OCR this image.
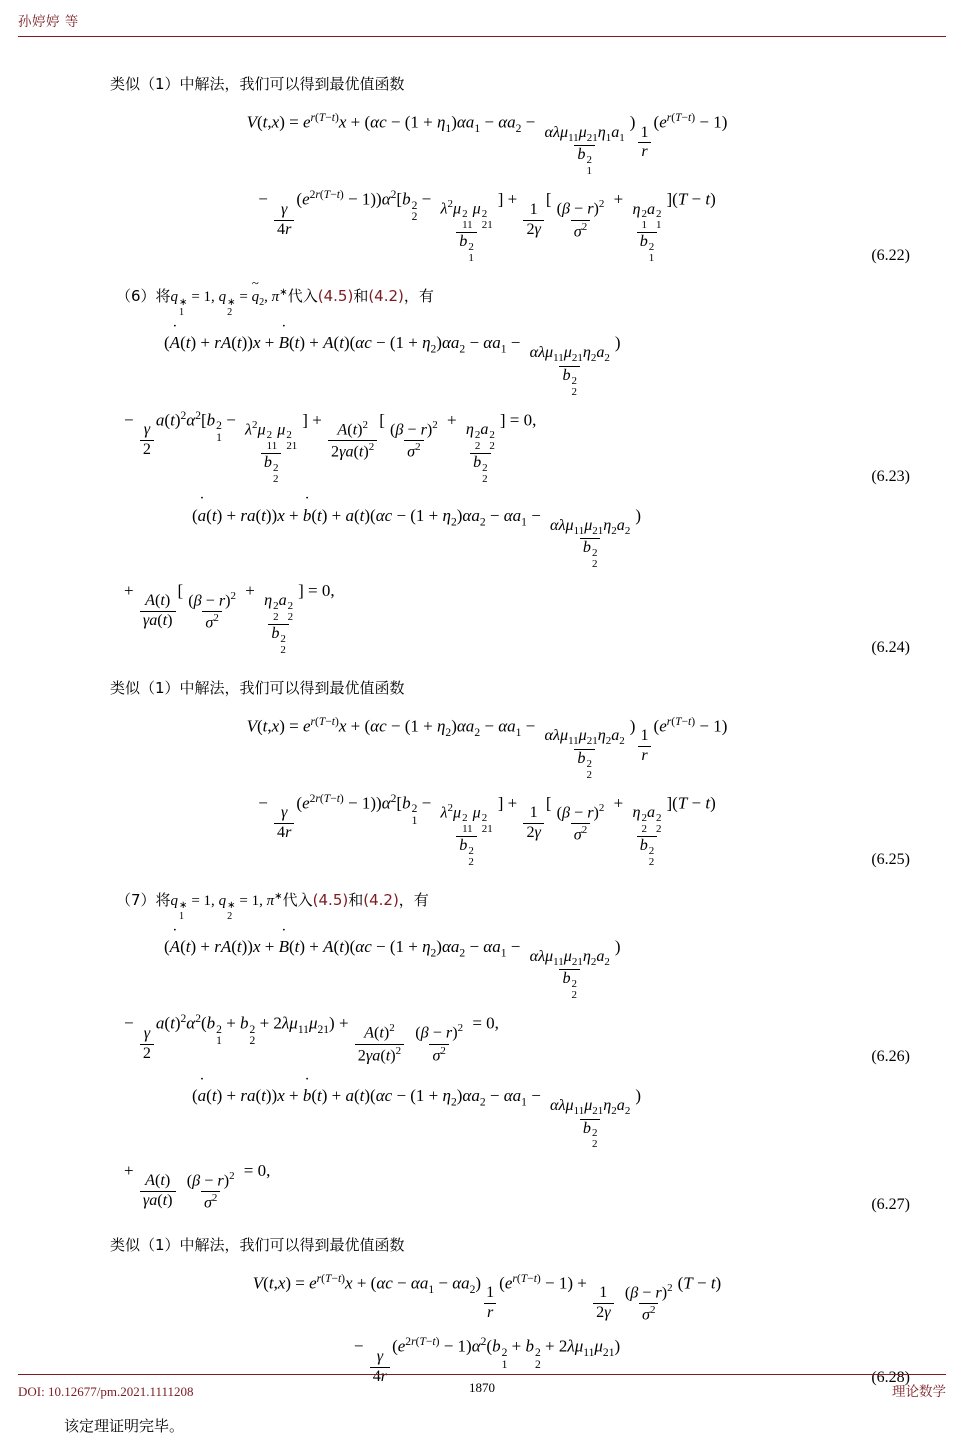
孙婷婷 等
类似（1）中解法，我们可以得到最优值函数
$V(t,x) = e^{r(T-t)}x + (\alpha c - (1 + \eta_1)\alpha a_1 - \alpha a_2$ −
$\alpha\lambda\mu_{11}\mu_{21}\eta_1a_1$
b 2
1
)
$\frac{1}{r}$
$(e^{r(T-t)} - 1)$
−
$\frac{\gamma}{4r}$
$(e^{2r(T-t)} - 1))\alpha^2[b$ 2
2
− $\lambda^2\mu$ 2
11
μ 2
21
b 2
1 ] +
$\frac{1}{2\gamma}$
[ $\frac{(\beta - r)^2}{\sigma^2}$ +
η 2
1
a 2
1
b 2
1
](T − t)
(6.22)
（6）将q ∗
1
= 1, q ∗
2
= ~ $q_2$, π∗代入(4.5)和(4.2)，有
(˙ A(t) + rA(t))x + ˙ $B(t) + A(t)(\alpha c - (1 + \eta_2)\alpha a_2 - \alpha a_1$ −
$\alpha\lambda\mu_{11}\mu_{21}\eta_2a_2$
b 2
2
)
−
$\frac{\gamma}{2}$
$a(t)^2\alpha^2[b$ 2
1
− $\lambda^2\mu$ 2
11
μ 2
21
b 2
2 ] + $\frac{A(t)^2}{2\gamma a(t)^2}$ [ $\frac{(\beta - r)^2}{\sigma^2}$ +
η 2
2
a 2
2
b 2
2
] = 0,
(6.23)
(˙ a(t) + ra(t))x + ˙ $b(t) + a(t)(\alpha c - (1 + \eta_2)\alpha a_2 - \alpha a_1$ −
$\alpha\lambda\mu_{11}\mu_{21}\eta_2a_2$
b 2
2
)
+
$\frac{A(t)}{\gamma a(t)}$
[ $\frac{(\beta - r)^2}{\sigma^2}$ +
η 2
2
a 2
2
b 2
2
] = 0,
(6.24)
类似（1）中解法，我们可以得到最优值函数
$V(t,x) = e^{r(T-t)}x + (\alpha c - (1 + \eta_2)\alpha a_2 - \alpha a_1$ −
$\alpha\lambda\mu_{11}\mu_{21}\eta_2a_2$
b 2
2
)
$\frac{1}{r}$
$(e^{r(T-t)} - 1)$
−
$\frac{\gamma}{4r}$
$(e^{2r(T-t)} - 1))\alpha^2[b$ 2
1
− $\lambda^2\mu$ 2
11
μ 2
21
b 2
2 ] +
$\frac{1}{2\gamma}$
[ $\frac{(\beta - r)^2}{\sigma^2}$ +
η 2
2
a 2
2
b 2
2
](T − t)
(6.25)
（7）将q ∗
1
= 1, q ∗
2
= 1, π∗代入(4.5)和(4.2)，有
(˙ A(t) + rA(t))x + ˙ $B(t) + A(t)(\alpha c - (1 + \eta_2)\alpha a_2 - \alpha a_1$ −
$\alpha\lambda\mu_{11}\mu_{21}\eta_2a_2$
b 2
2
)
−
$\frac{\gamma}{2}$
$a(t)^2\alpha^2(b$ 2
1
+ b 2
2
+ $2\lambda\mu_{11}\mu_{21}) + \frac{A(t)^2}{2\gamma a(t)^2}$
$\frac{(\beta - r)^2}{\sigma^2} = 0$,
(6.26)
(˙ a(t) + ra(t))x + ˙ $b(t) + a(t)(\alpha c - (1 + \eta_2)\alpha a_2 - \alpha a_1$ −
$\alpha\lambda\mu_{11}\mu_{21}\eta_2a_2$
b 2
2
)
+
$\frac{A(t)}{\gamma a(t)}$
$\frac{(\beta - r)^2}{\sigma^2} = 0$,
(6.27)
类似（1）中解法，我们可以得到最优值函数
$V(t,x) = e^{r(T-t)}x + (\alpha c - \alpha a_1 - \alpha a_2)$
$\frac{1}{r}$
$(e^{r(T-t)} - 1)$ +
$\frac{1}{2\gamma}$
$\frac{(\beta - r)^2}{\sigma^2} (T - t)$
−
$\frac{\gamma}{4r}$
$(e^{2r(T-t)} - 1)\alpha^2(b$ 2
1
+ b 2
2
+ $2\lambda\mu_{11}\mu_{21}$)
(6.28)
该定理证明完毕。
DOI: 10.12677/pm.2021.1111208	1870	理论数学
